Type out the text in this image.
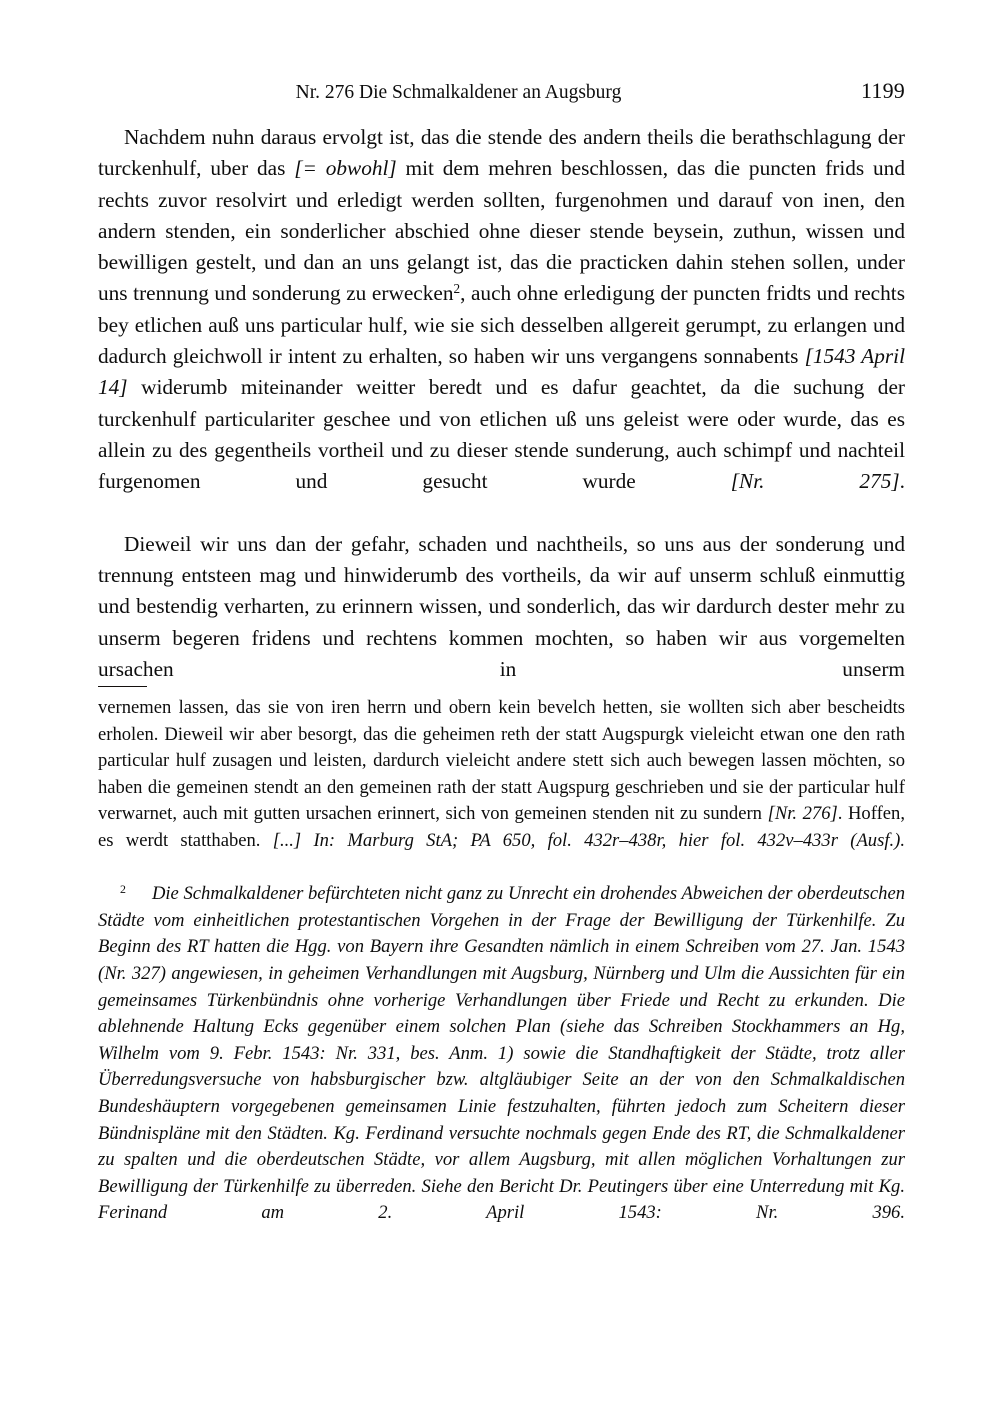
Nr. 276 Die Schmalkaldener an Augsburg	1199

Nachdem nuhn daraus ervolgt ist, das die stende des andern theils die berathschlagung der turckenhulf, uber das [= obwohl] mit dem mehren beschlossen, das die puncten frids und rechts zuvor resolvirt und erledigt werden sollten, furgenohmen und darauf von inen, den andern stenden, ein sonderlicher abschied ohne dieser stende beysein, zuthun, wissen und bewilligen gestelt, und dan an uns gelangt ist, das die practicken dahin stehen sollen, under uns trennung und sonderung zu erwecken$^2$, auch ohne erledigung der puncten fridts und rechts bey etlichen auß uns particular hulf, wie sie sich desselben allgereit gerumpt, zu erlangen und dadurch gleichwoll ir intent zu erhalten, so haben wir uns vergangens sonnabents [1543 April 14] widerumb miteinander weitter beredt und es dafur geachtet, da die suchung der turckenhulf particulariter geschee und von etlichen uß uns geleist were oder wurde, das es allein zu des gegentheils vortheil und zu dieser stende sunderung, auch schimpf und nachteil furgenomen und gesucht wurde [Nr. 275].

Dieweil wir uns dan der gefahr, schaden und nachtheils, so uns aus der sonderung und trennung entsteen mag und hinwiderumb des vortheils, da wir auf unserm schluß einmuttig und bestendig verharten, zu erinnern wissen, und sonderlich, das wir dardurch dester mehr zu unserm begeren fridens und rechtens kommen mochten, so haben wir aus vorgemelten ursachen in unserm

vernemen lassen, das sie von iren herrn und obern kein bevelch hetten, sie wollten sich aber bescheidts erholen. Dieweil wir aber besorgt, das die geheimen reth der statt Augspurgk vieleicht etwan one den rath particular hulf zusagen und leisten, dardurch vieleicht andere stett sich auch bewegen lassen möchten, so haben die gemeinen stendt an den gemeinen rath der statt Augspurg geschrieben und sie der particular hulf verwarnet, auch mit gutten ursachen erinnert, sich von gemeinen stenden nit zu sundern [Nr. 276]. Hoffen, es werdt statthaben. [...] In: Marburg StA; PA 650, fol. 432r–438r, hier fol. 432v–433r (Ausf.).

$^2$ Die Schmalkaldener befürchteten nicht ganz zu Unrecht ein drohendes Abweichen der oberdeutschen Städte vom einheitlichen protestantischen Vorgehen in der Frage der Bewilligung der Türkenhilfe. Zu Beginn des RT hatten die Hgg. von Bayern ihre Gesandten nämlich in einem Schreiben vom 27. Jan. 1543 (Nr. 327) angewiesen, in geheimen Verhandlungen mit Augsburg, Nürnberg und Ulm die Aussichten für ein gemeinsames Türkenbündnis ohne vorherige Verhandlungen über Friede und Recht zu erkunden. Die ablehnende Haltung Ecks gegenüber einem solchen Plan (siehe das Schreiben Stockhammers an Hg, Wilhelm vom 9. Febr. 1543: Nr. 331, bes. Anm. 1) sowie die Standhaftigkeit der Städte, trotz aller Überredungsversuche von habsburgischer bzw. altgläubiger Seite an der von den Schmalkaldischen Bundeshäuptern vorgegebenen gemeinsamen Linie festzuhalten, führten jedoch zum Scheitern dieser Bündnispläne mit den Städten. Kg. Ferdinand versuchte nochmals gegen Ende des RT, die Schmalkaldener zu spalten und die oberdeutschen Städte, vor allem Augsburg, mit allen möglichen Vorhaltungen zur Bewilligung der Türkenhilfe zu überreden. Siehe den Bericht Dr. Peutingers über eine Unterredung mit Kg. Ferinand am 2. April 1543: Nr. 396.
